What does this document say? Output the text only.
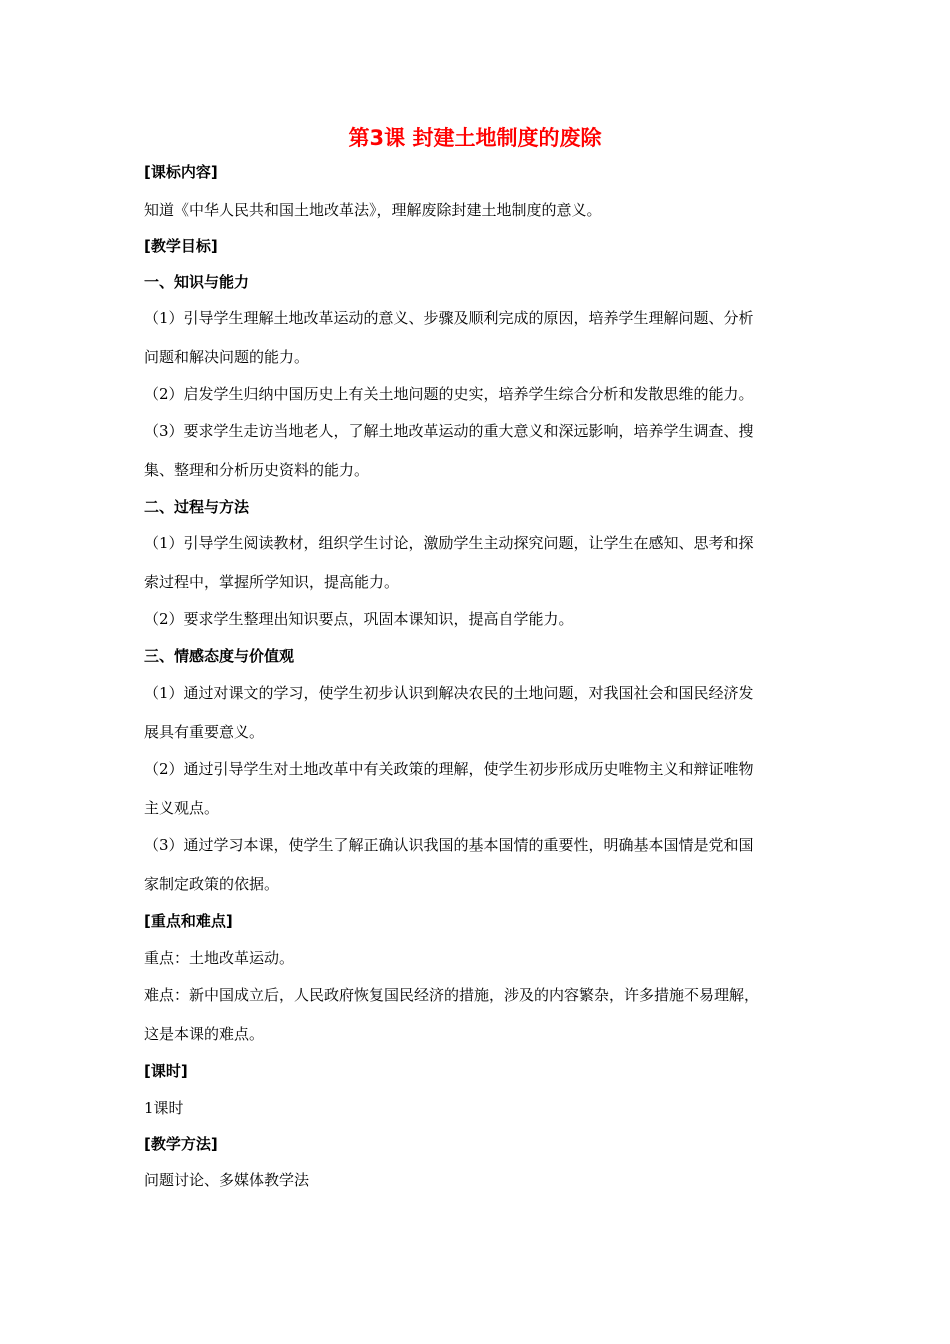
第3课 封建土地制度的废除
[课标内容]
知道《中华人民共和国土地改革法》，理解废除封建土地制度的意义。
[教学目标]
一、知识与能力
（1）引导学生理解土地改革运动的意义、步骤及顺利完成的原因，培养学生理解问题、分析
问题和解决问题的能力。
（2）启发学生归纳中国历史上有关土地问题的史实，培养学生综合分析和发散思维的能力。
（3）要求学生走访当地老人，了解土地改革运动的重大意义和深远影响，培养学生调查、搜
集、整理和分析历史资料的能力。
二、过程与方法
（1）引导学生阅读教材，组织学生讨论，激励学生主动探究问题，让学生在感知、思考和探
索过程中，掌握所学知识，提高能力。
（2）要求学生整理出知识要点，巩固本课知识，提高自学能力。
三、情感态度与价值观
（1）通过对课文的学习，使学生初步认识到解决农民的土地问题，对我国社会和国民经济发
展具有重要意义。
（2）通过引导学生对土地改革中有关政策的理解，使学生初步形成历史唯物主义和辩证唯物
主义观点。
（3）通过学习本课，使学生了解正确认识我国的基本国情的重要性，明确基本国情是党和国
家制定政策的依据。
[重点和难点]
重点：土地改革运动。
难点：新中国成立后，人民政府恢复国民经济的措施，涉及的内容繁杂，许多措施不易理解，
这是本课的难点。
[课时]
1课时
[教学方法]
问题讨论、多媒体教学法
